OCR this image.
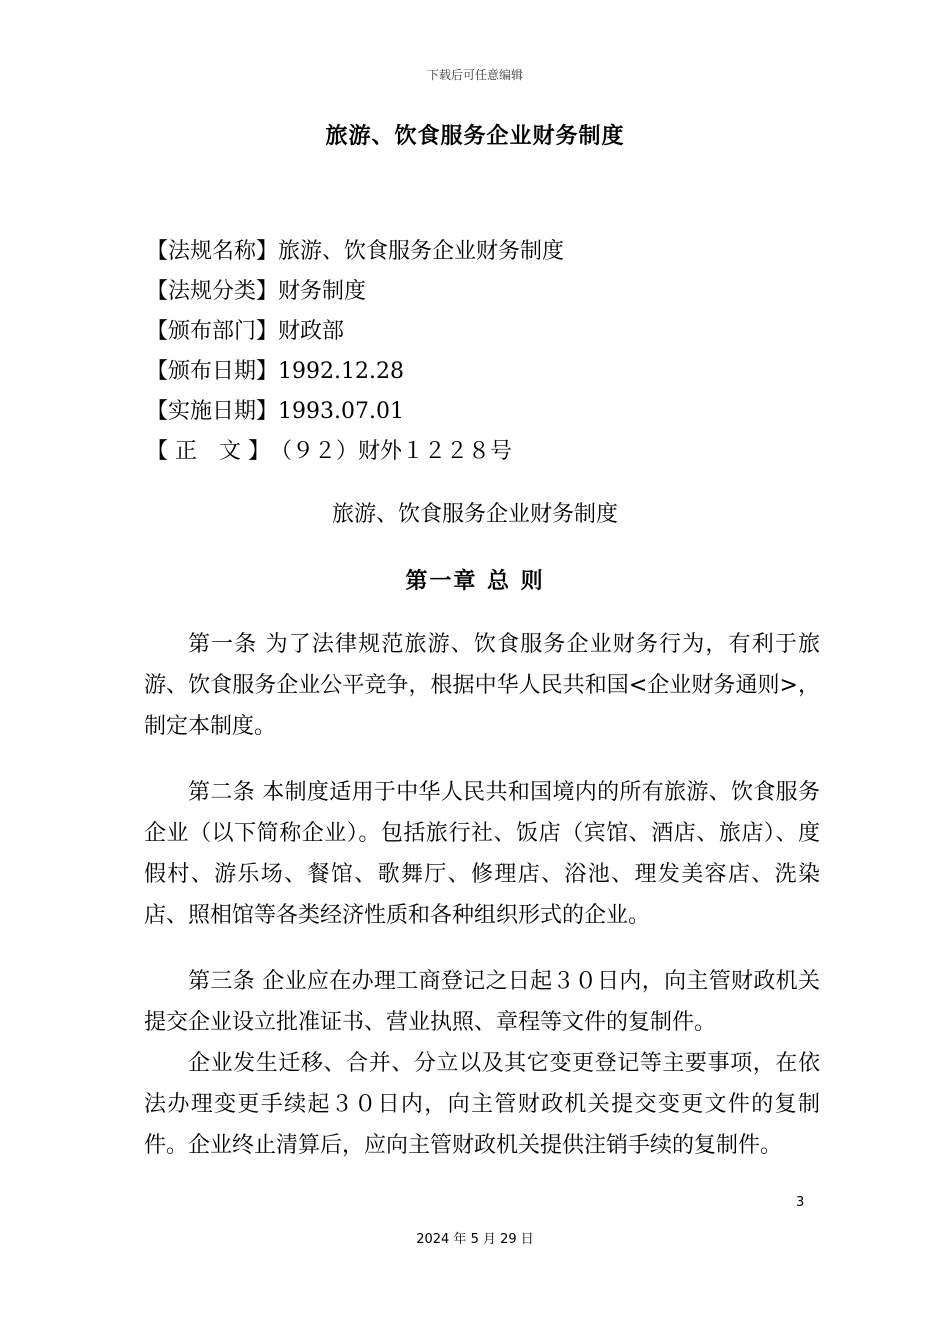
下载后可任意编辑
旅游、饮食服务企业财务制度
【法规名称】旅游、饮食服务企业财务制度
【法规分类】财务制度
【颁布部门】财政部
【颁布日期】1992.12.28
【实施日期】1993.07.01
【 正　文 】（９２）财外１２２８号
旅游、饮食服务企业财务制度
第一章 总 则
第一条 为了法律规范旅游、饮食服务企业财务行为，有利于旅游、饮食服务企业公平竞争，根据中华人民共和国<企业财务通则>，制定本制度。
第二条 本制度适用于中华人民共和国境内的所有旅游、饮食服务企业（以下简称企业）。包括旅行社、饭店（宾馆、酒店、旅店）、度假村、游乐场、餐馆、歌舞厅、修理店、浴池、理发美容店、洗染店、照相馆等各类经济性质和各种组织形式的企业。
第三条 企业应在办理工商登记之日起３０日内，向主管财政机关提交企业设立批准证书、营业执照、章程等文件的复制件。
企业发生迁移、合并、分立以及其它变更登记等主要事项，在依法办理变更手续起３０日内，向主管财政机关提交变更文件的复制件。企业终止清算后，应向主管财政机关提供注销手续的复制件。
3
2024 年 5 月 29 日
